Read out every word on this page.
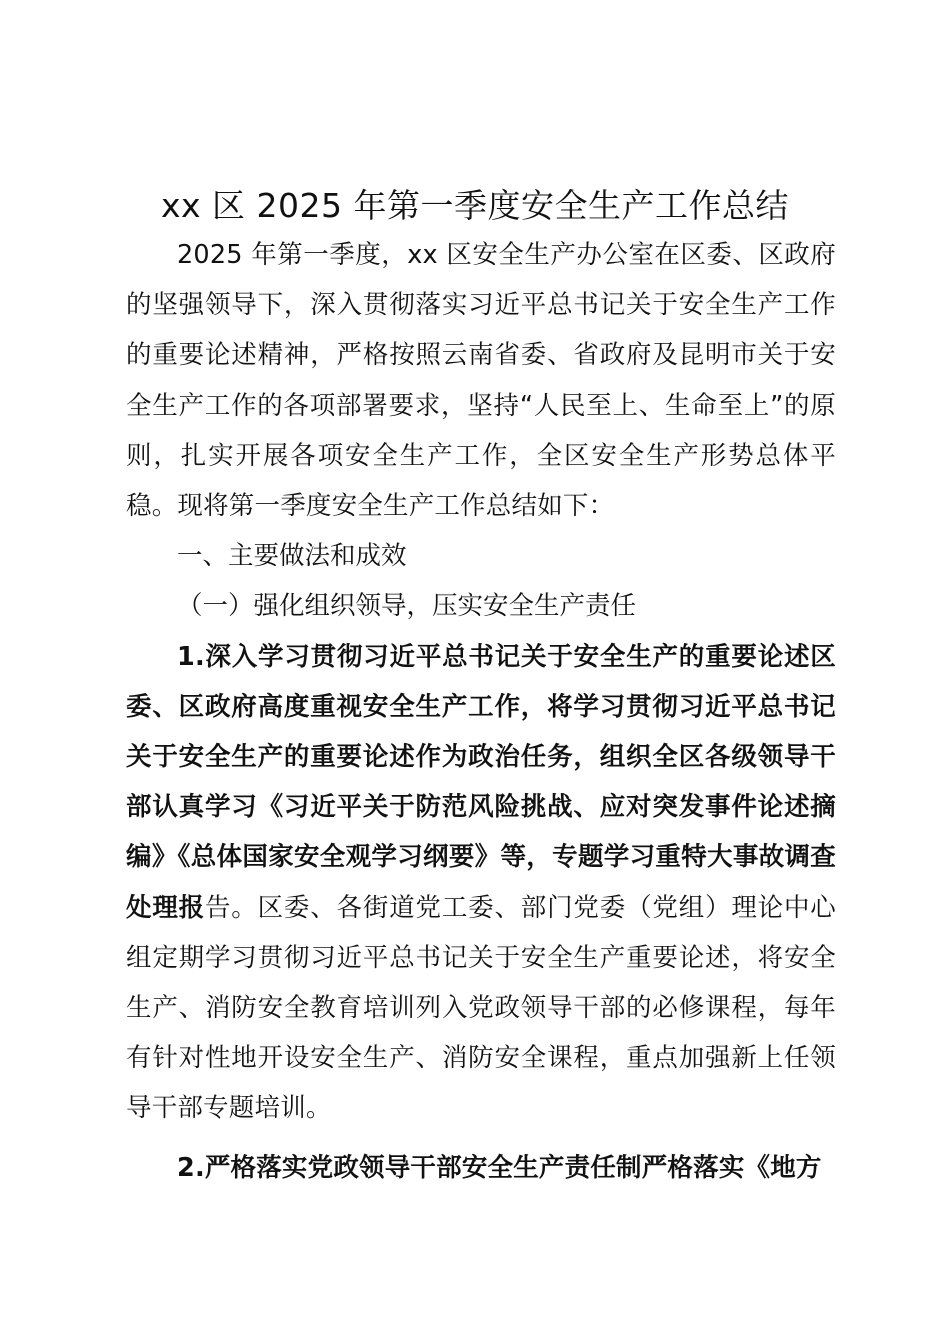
xx 区 2025 年第一季度安全生产工作总结

2025 年第一季度，xx 区安全生产办公室在区委、区政府的坚强领导下，深入贯彻落实习近平总书记关于安全生产工作的重要论述精神，严格按照云南省委、省政府及昆明市关于安全生产工作的各项部署要求，坚持“人民至上、生命至上”的原则，扎实开展各项安全生产工作，全区安全生产形势总体平稳。现将第一季度安全生产工作总结如下：

一、主要做法和成效

（一）强化组织领导，压实安全生产责任

1.深入学习贯彻习近平总书记关于安全生产的重要论述区委、区政府高度重视安全生产工作，将学习贯彻习近平总书记关于安全生产的重要论述作为政治任务，组织全区各级领导干部认真学习《习近平关于防范风险挑战、应对突发事件论述摘编》《总体国家安全观学习纲要》等，专题学习重特大事故调查处理报告。区委、各街道党工委、部门党委（党组）理论中心组定期学习贯彻习近平总书记关于安全生产重要论述，将安全生产、消防安全教育培训列入党政领导干部的必修课程，每年有针对性地开设安全生产、消防安全课程，重点加强新上任领导干部专题培训。

2.严格落实党政领导干部安全生产责任制严格落实《地方
